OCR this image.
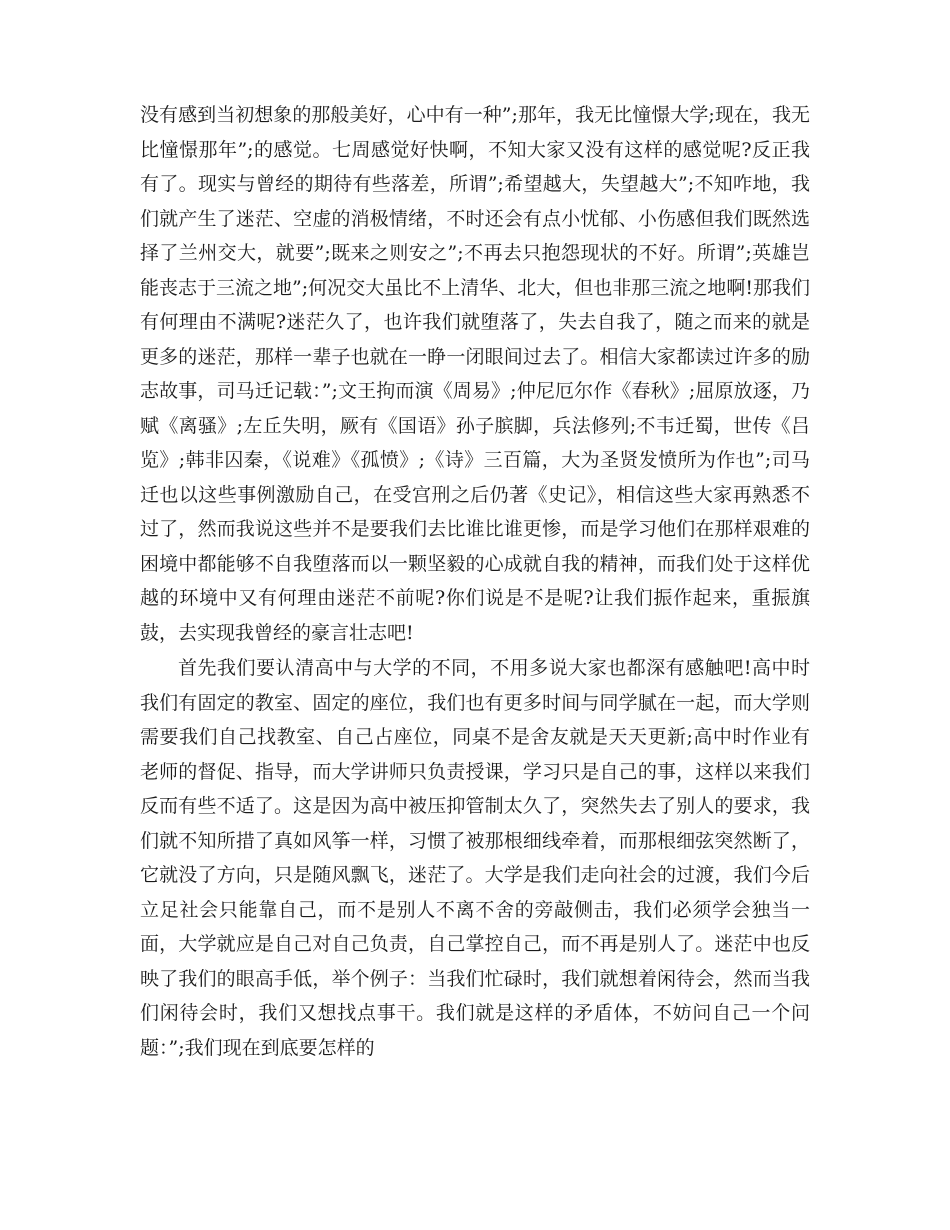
没有感到当初想象的那般美好，心中有一种”;那年，我无比憧憬大学;现在，我无比憧憬那年”;的感觉。七周感觉好快啊，不知大家又没有这样的感觉呢?反正我有了。现实与曾经的期待有些落差，所谓”;希望越大，失望越大”;不知咋地，我们就产生了迷茫、空虚的消极情绪，不时还会有点小忧郁、小伤感但我们既然选择了兰州交大，就要”;既来之则安之”;不再去只抱怨现状的不好。所谓”;英雄岂能丧志于三流之地”;何况交大虽比不上清华、北大，但也非那三流之地啊!那我们有何理由不满呢?迷茫久了，也许我们就堕落了，失去自我了，随之而来的就是更多的迷茫，那样一辈子也就在一睁一闭眼间过去了。相信大家都读过许多的励志故事，司马迁记载：”;文王拘而演《周易》;仲尼厄尔作《春秋》;屈原放逐，乃赋《离骚》;左丘失明，厥有《国语》孙子膑脚，兵法修列;不韦迁蜀，世传《吕览》;韩非囚秦，《说难》《孤愤》;《诗》三百篇，大为圣贤发愤所为作也”;司马迁也以这些事例激励自己，在受宫刑之后仍著《史记》，相信这些大家再熟悉不过了，然而我说这些并不是要我们去比谁比谁更惨，而是学习他们在那样艰难的困境中都能够不自我堕落而以一颗坚毅的心成就自我的精神，而我们处于这样优越的环境中又有何理由迷茫不前呢?你们说是不是呢?让我们振作起来，重振旗鼓，去实现我曾经的豪言壮志吧!

首先我们要认清高中与大学的不同，不用多说大家也都深有感触吧!高中时我们有固定的教室、固定的座位，我们也有更多时间与同学腻在一起，而大学则需要我们自己找教室、自己占座位，同桌不是舍友就是天天更新;高中时作业有老师的督促、指导，而大学讲师只负责授课，学习只是自己的事，这样以来我们反而有些不适了。这是因为高中被压抑管制太久了，突然失去了别人的要求，我们就不知所措了真如风筝一样，习惯了被那根细线牵着，而那根细弦突然断了，它就没了方向，只是随风飘飞，迷茫了。大学是我们走向社会的过渡，我们今后立足社会只能靠自己，而不是别人不离不舍的旁敲侧击，我们必须学会独当一面，大学就应是自己对自己负责，自己掌控自己，而不再是别人了。迷茫中也反映了我们的眼高手低，举个例子：当我们忙碌时，我们就想着闲待会，然而当我们闲待会时，我们又想找点事干。我们就是这样的矛盾体，不妨问自己一个问题：”;我们现在到底要怎样的
